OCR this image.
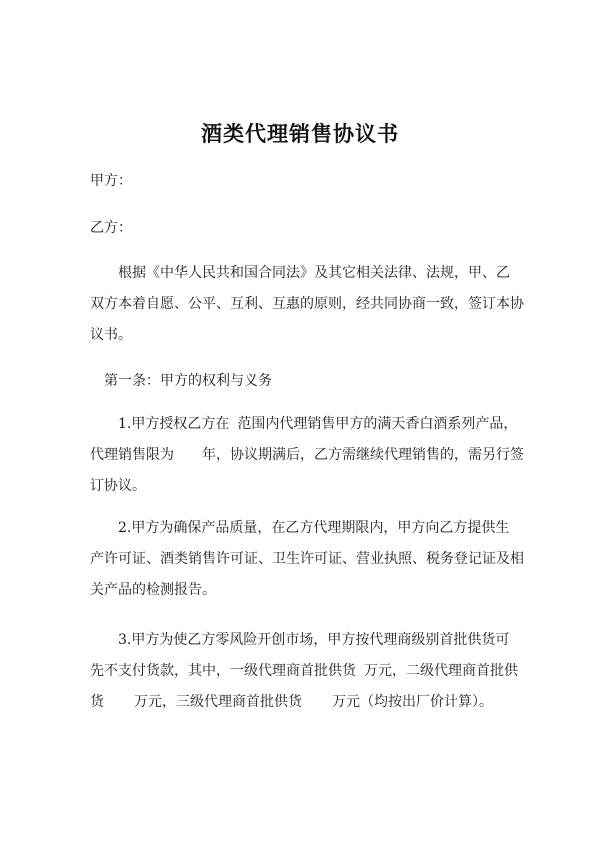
酒类代理销售协议书
甲方：
乙方：
根据《中华人民共和国合同法》及其它相关法律、法规，甲、乙
双方本着自愿、公平、互利、互惠的原则，经共同协商一致，签订本协
议书。
第一条：甲方的权利与义务
1.甲方授权乙方在 范围内代理销售甲方的满天香白酒系列产品，
代理销售限为 年，协议期满后，乙方需继续代理销售的，需另行签
订协议。
2.甲方为确保产品质量，在乙方代理期限内，甲方向乙方提供生
产许可证、酒类销售许可证、卫生许可证、营业执照、税务登记证及相
关产品的检测报告。
3.甲方为使乙方零风险开创市场，甲方按代理商级别首批供货可
先不支付货款，其中，一级代理商首批供货 万元，二级代理商首批供
货 万元，三级代理商首批供货 万元（均按出厂价计算）。
